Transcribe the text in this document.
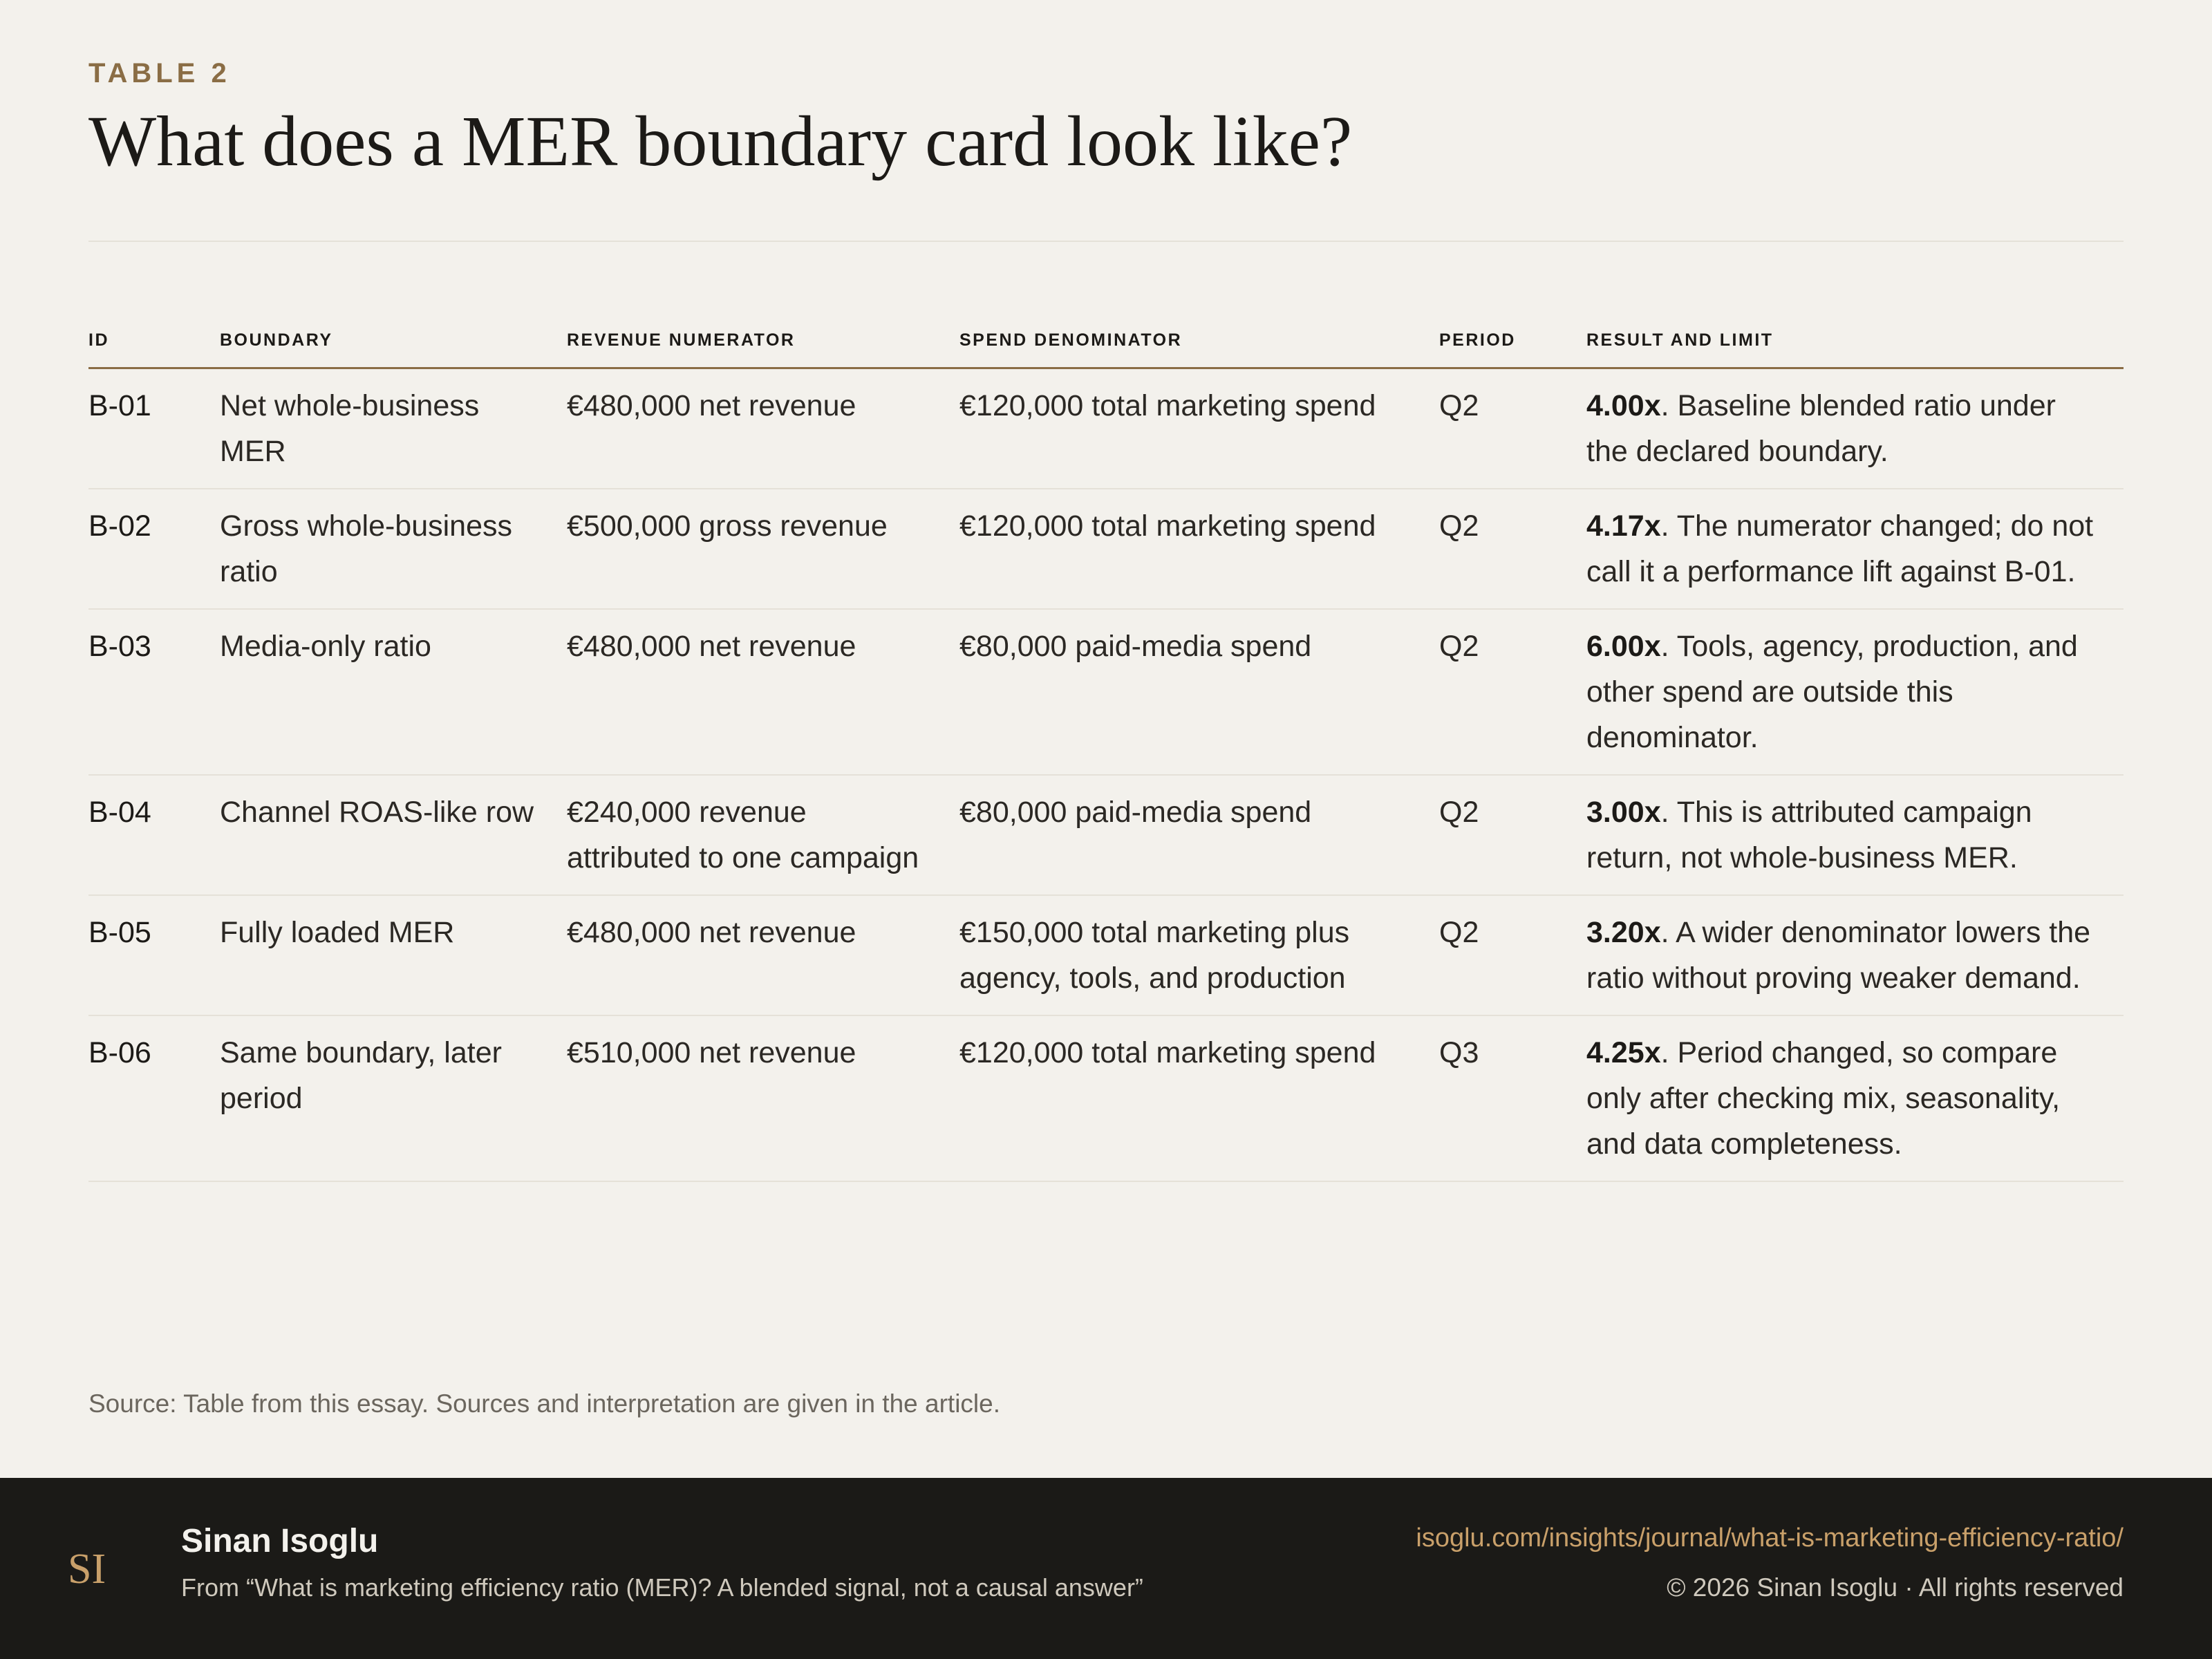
TABLE 2
What does a MER boundary card look like?
ID	BOUNDARY	REVENUE NUMERATOR	SPEND DENOMINATOR	PERIOD	RESULT AND LIMIT
B-01	Net whole-business MER	€480,000 net revenue	€120,000 total marketing spend	Q2	4.00x. Baseline blended ratio under the declared boundary.
B-02	Gross whole-business ratio	€500,000 gross revenue	€120,000 total marketing spend	Q2	4.17x. The numerator changed; do not call it a performance lift against B-01.
B-03	Media-only ratio	€480,000 net revenue	€80,000 paid-media spend	Q2	6.00x. Tools, agency, production, and other spend are outside this denominator.
B-04	Channel ROAS-like row	€240,000 revenue attributed to one campaign	€80,000 paid-media spend	Q2	3.00x. This is attributed campaign return, not whole-business MER.
B-05	Fully loaded MER	€480,000 net revenue	€150,000 total marketing plus agency, tools, and production	Q2	3.20x. A wider denominator lowers the ratio without proving weaker demand.
B-06	Same boundary, later period	€510,000 net revenue	€120,000 total marketing spend	Q3	4.25x. Period changed, so compare only after checking mix, seasonality, and data completeness.
Source: Table from this essay. Sources and interpretation are given in the article.
SI
Sinan Isoglu
From “What is marketing efficiency ratio (MER)? A blended signal, not a causal answer”
isoglu.com/insights/journal/what-is-marketing-efficiency-ratio/
© 2026 Sinan Isoglu · All rights reserved
